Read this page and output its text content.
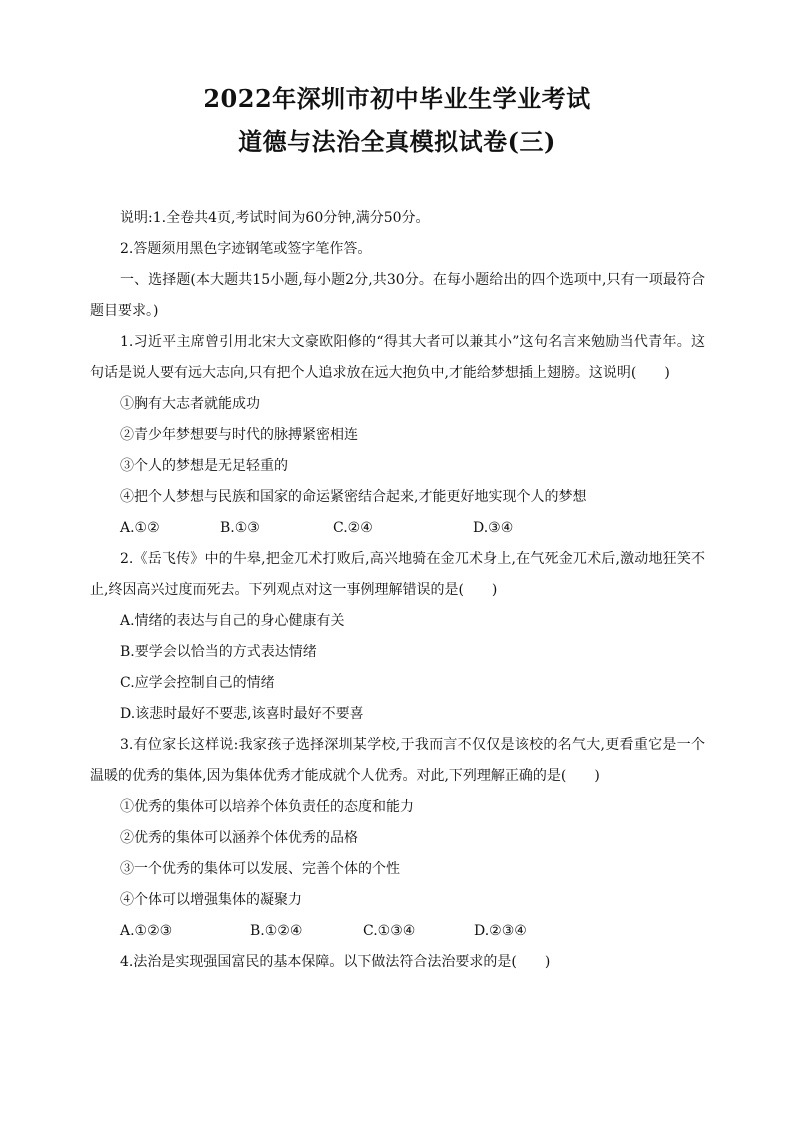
2022年深圳市初中毕业生学业考试
道德与法治全真模拟试卷(三)

说明:1.全卷共4页,考试时间为60分钟,满分50分。

2.答题须用黑色字迹钢笔或签字笔作答。

一、选择题(本大题共15小题,每小题2分,共30分。在每小题给出的四个选项中,只有一项最符合题目要求。)

1.习近平主席曾引用北宋大文豪欧阳修的“得其大者可以兼其小”这句名言来勉励当代青年。这句话是说人要有远大志向,只有把个人追求放在远大抱负中,才能给梦想插上翅膀。这说明(　　)

①胸有大志者就能成功

②青少年梦想要与时代的脉搏紧密相连

③个人的梦想是无足轻重的

④把个人梦想与民族和国家的命运紧密结合起来,才能更好地实现个人的梦想

A.①②	B.①③	C.②④	D.③④

2.《岳飞传》中的牛皋,把金兀术打败后,高兴地骑在金兀术身上,在气死金兀术后,激动地狂笑不止,终因高兴过度而死去。下列观点对这一事例理解错误的是(　　)

A.情绪的表达与自己的身心健康有关

B.要学会以恰当的方式表达情绪

C.应学会控制自己的情绪

D.该悲时最好不要悲,该喜时最好不要喜

3.有位家长这样说:我家孩子选择深圳某学校,于我而言不仅仅是该校的名气大,更看重它是一个温暖的优秀的集体,因为集体优秀才能成就个人优秀。对此,下列理解正确的是(　　)

①优秀的集体可以培养个体负责任的态度和能力

②优秀的集体可以涵养个体优秀的品格

③一个优秀的集体可以发展、完善个体的个性

④个体可以增强集体的凝聚力

A.①②③	B.①②④	C.①③④	D.②③④

4.法治是实现强国富民的基本保障。以下做法符合法治要求的是(　　)
